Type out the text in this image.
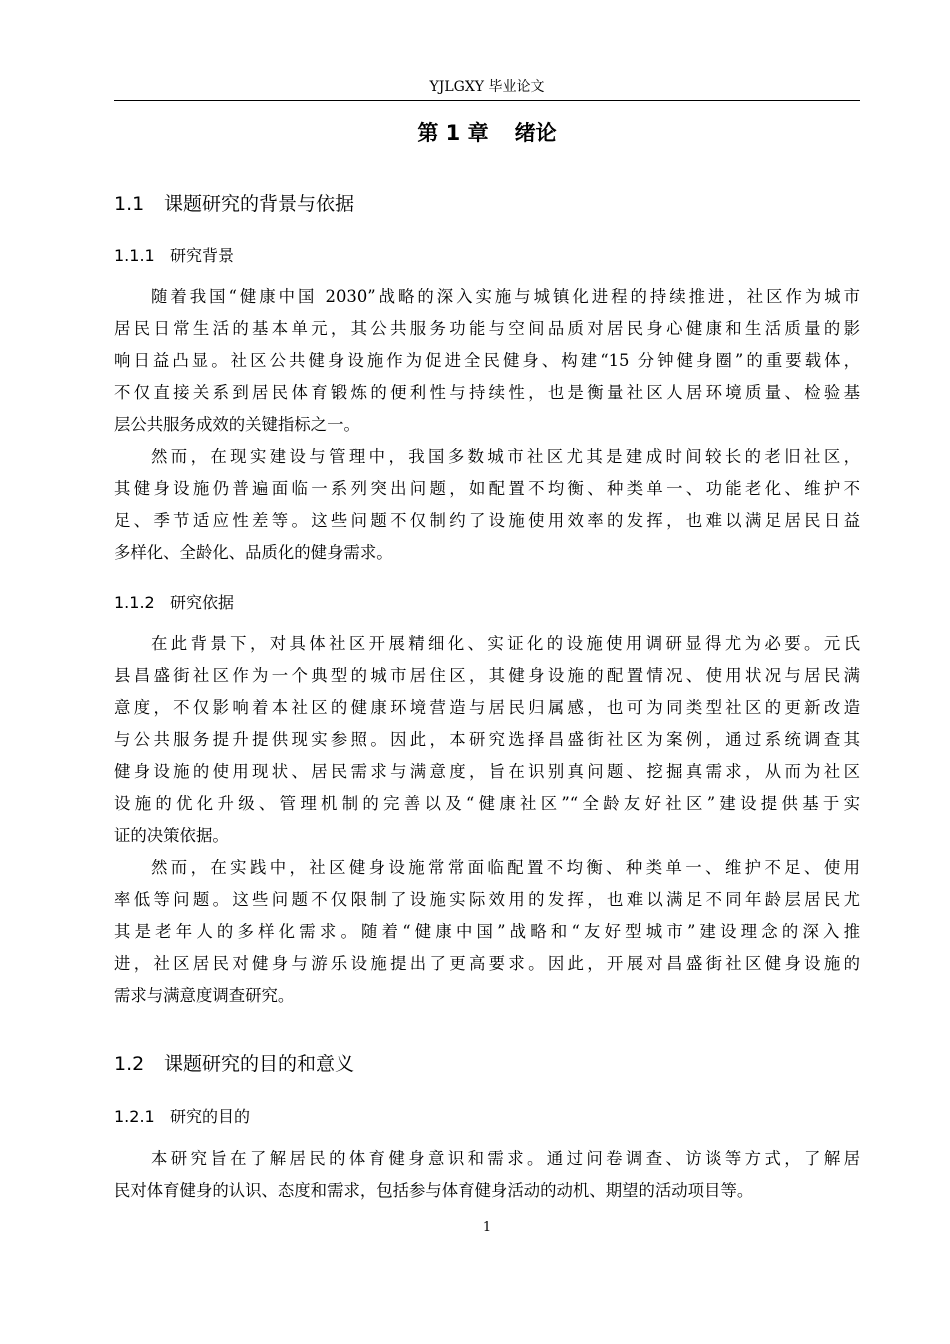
YJLGXY 毕业论文
第 1 章 绪论
1.1 课题研究的背景与依据
1.1.1 研究背景
随着我国“健康中国 2030”战略的深入实施与城镇化进程的持续推进，社区作为城市
居民日常生活的基本单元，其公共服务功能与空间品质对居民身心健康和生活质量的影
响日益凸显。社区公共健身设施作为促进全民健身、构建“15 分钟健身圈”的重要载体，
不仅直接关系到居民体育锻炼的便利性与持续性，也是衡量社区人居环境质量、检验基
层公共服务成效的关键指标之一。
然而，在现实建设与管理中，我国多数城市社区尤其是建成时间较长的老旧社区，
其健身设施仍普遍面临一系列突出问题，如配置不均衡、种类单一、功能老化、维护不
足、季节适应性差等。这些问题不仅制约了设施使用效率的发挥，也难以满足居民日益
多样化、全龄化、品质化的健身需求。
1.1.2 研究依据
在此背景下，对具体社区开展精细化、实证化的设施使用调研显得尤为必要。元氏
县昌盛街社区作为一个典型的城市居住区，其健身设施的配置情况、使用状况与居民满
意度，不仅影响着本社区的健康环境营造与居民归属感，也可为同类型社区的更新改造
与公共服务提升提供现实参照。因此，本研究选择昌盛街社区为案例，通过系统调查其
健身设施的使用现状、居民需求与满意度，旨在识别真问题、挖掘真需求，从而为社区
设施的优化升级、管理机制的完善以及“健康社区”“全龄友好社区”建设提供基于实
证的决策依据。
然而，在实践中，社区健身设施常常面临配置不均衡、种类单一、维护不足、使用
率低等问题。这些问题不仅限制了设施实际效用的发挥，也难以满足不同年龄层居民尤
其是老年人的多样化需求。随着“健康中国”战略和“友好型城市”建设理念的深入推
进，社区居民对健身与游乐设施提出了更高要求。因此，开展对昌盛街社区健身设施的
需求与满意度调查研究。
1.2 课题研究的目的和意义
1.2.1 研究的目的
本研究旨在了解居民的体育健身意识和需求。通过问卷调查、访谈等方式，了解居
民对体育健身的认识、态度和需求，包括参与体育健身活动的动机、期望的活动项目等。
1
